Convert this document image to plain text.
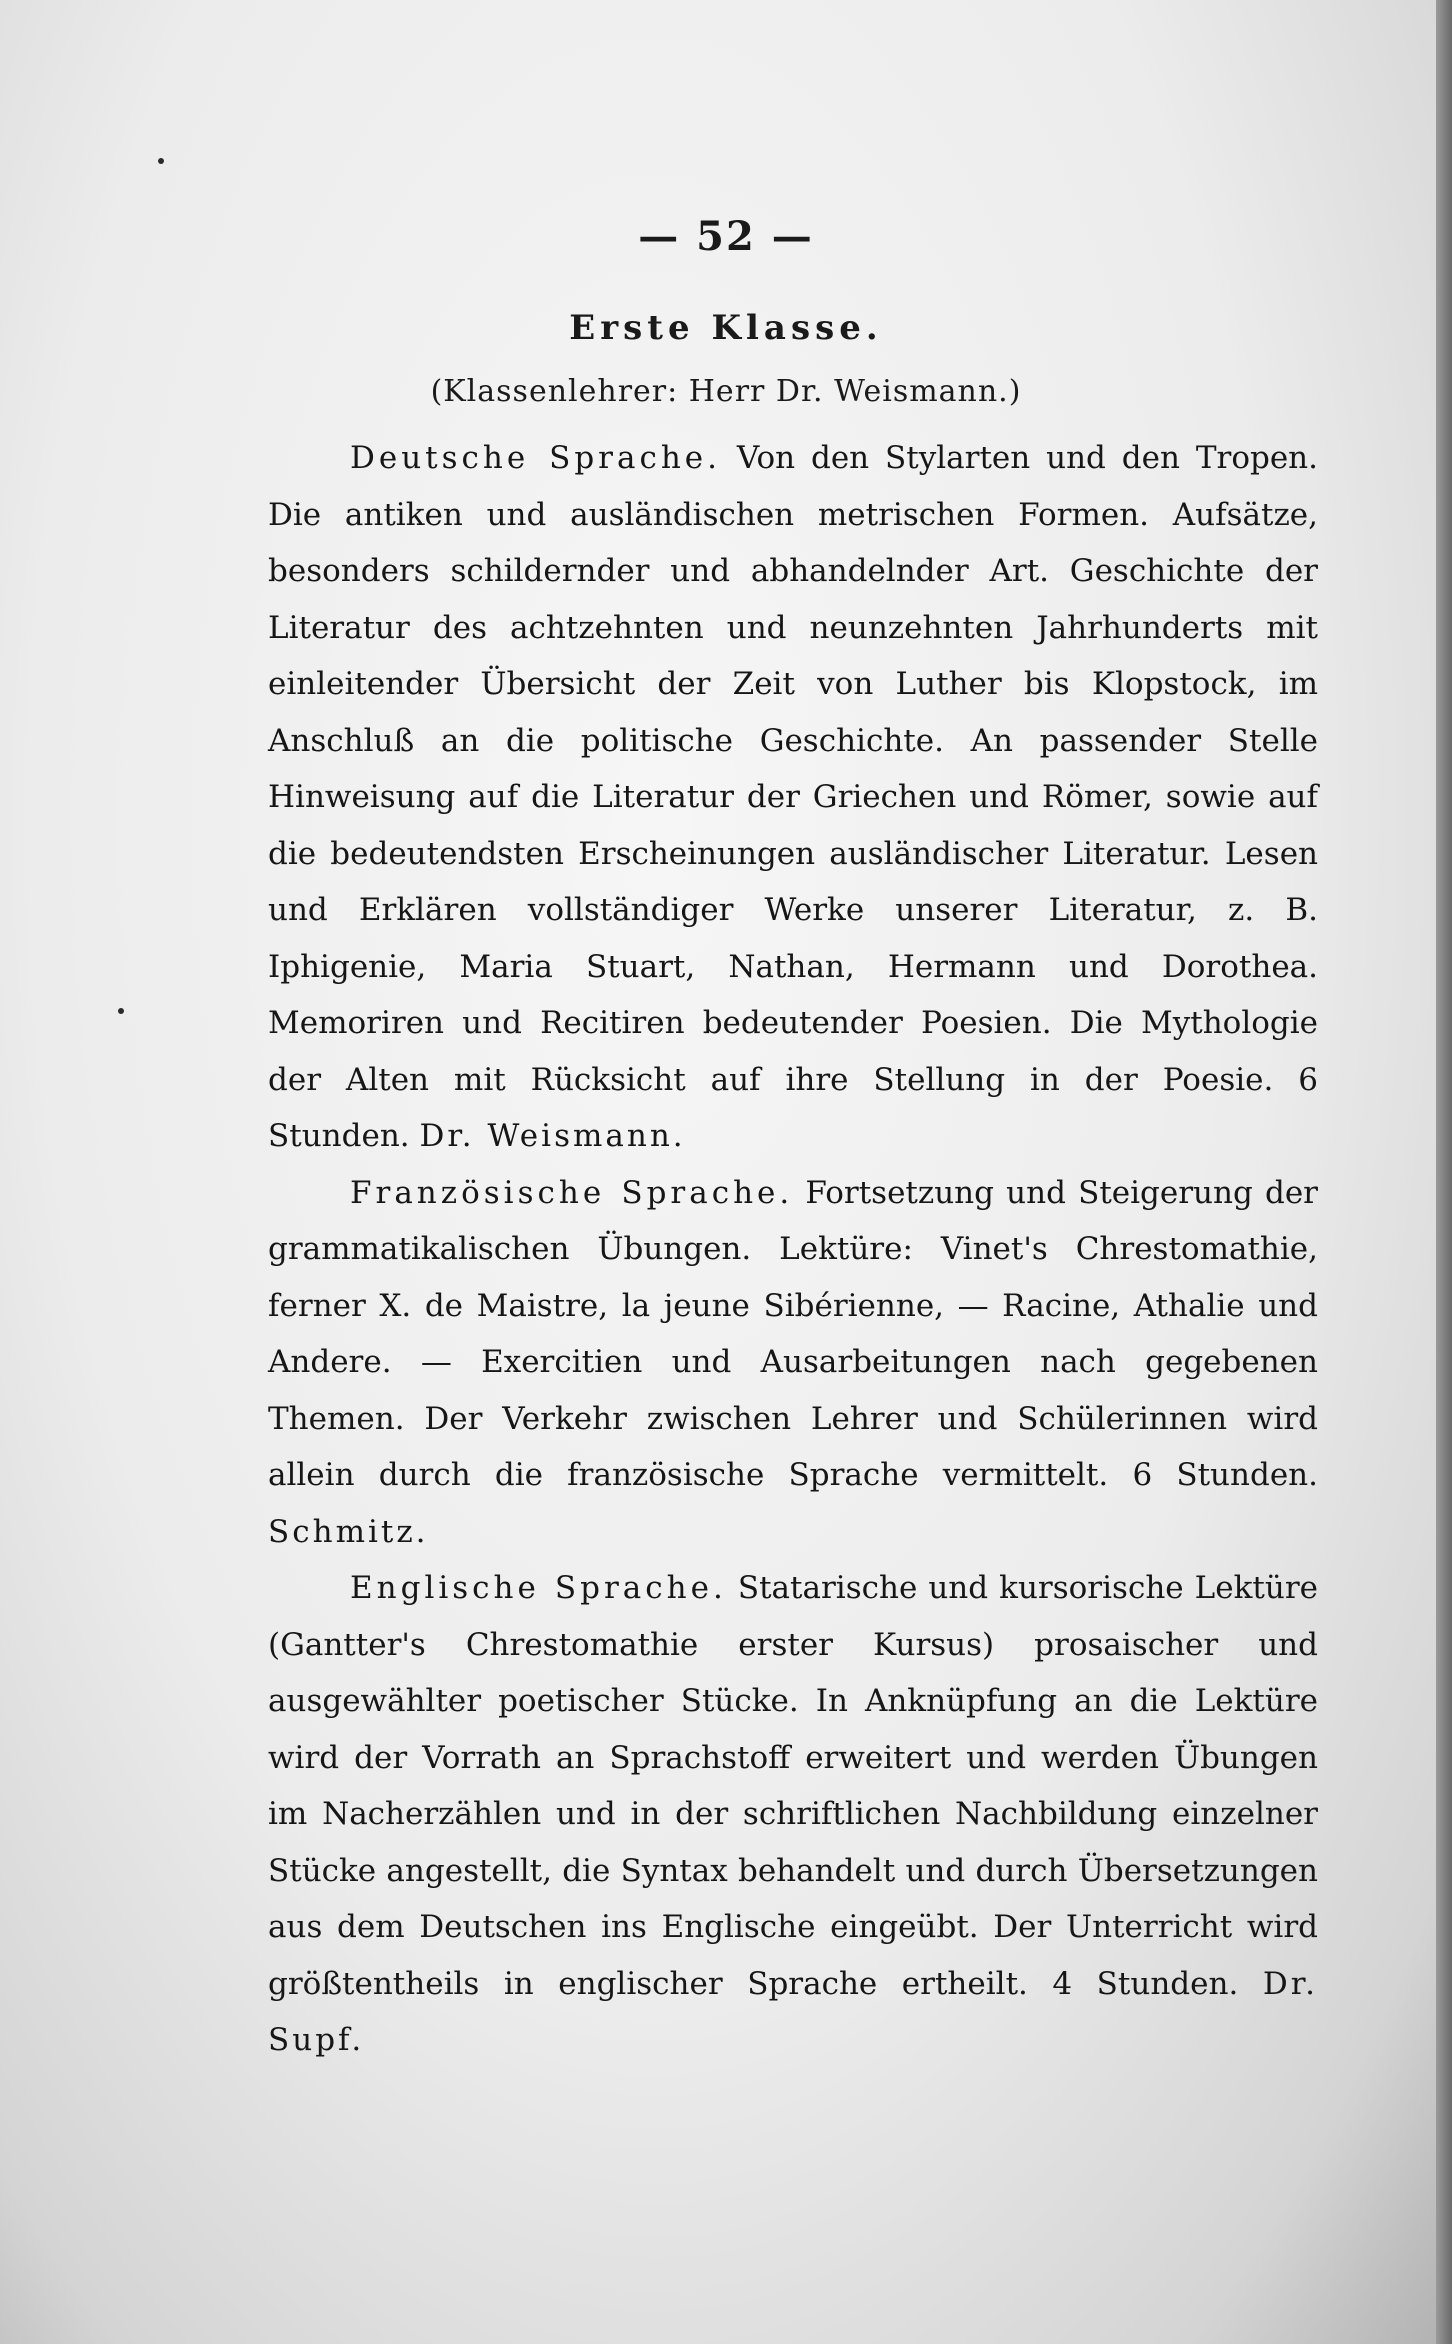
— 52 —
Erste Klasse.
(Klassenlehrer: Herr Dr. Weismann.)

Deutsche Sprache. Von den Stylarten und den Tropen. Die antiken und ausländischen metrischen Formen. Aufsätze, besonders schildernder und abhandelnder Art. Geschichte der Literatur des achtzehnten und neunzehnten Jahrhunderts mit einleitender Übersicht der Zeit von Luther bis Klopstock, im Anschluß an die politische Geschichte. An passender Stelle Hinweisung auf die Literatur der Griechen und Römer, sowie auf die bedeutendsten Erscheinungen ausländischer Literatur. Lesen und Erklären vollständiger Werke unserer Literatur, z. B. Iphigenie, Maria Stuart, Nathan, Hermann und Dorothea. Memoriren und Recitiren bedeutender Poesien. Die Mythologie der Alten mit Rücksicht auf ihre Stellung in der Poesie. 6 Stunden. Dr. Weismann.

Französische Sprache. Fortsetzung und Steigerung der grammatikalischen Übungen. Lektüre: Vinet's Chrestomathie, ferner X. de Maistre, la jeune Sibérienne, — Racine, Athalie und Andere. — Exercitien und Ausarbeitungen nach gegebenen Themen. Der Verkehr zwischen Lehrer und Schülerinnen wird allein durch die französische Sprache vermittelt. 6 Stunden. Schmitz.

Englische Sprache. Statarische und kursorische Lektüre (Gantter's Chrestomathie erster Kursus) prosaischer und ausgewählter poetischer Stücke. In Anknüpfung an die Lektüre wird der Vorrath an Sprachstoff erweitert und werden Übungen im Nacherzählen und in der schriftlichen Nachbildung einzelner Stücke angestellt, die Syntax behandelt und durch Übersetzungen aus dem Deutschen ins Englische eingeübt. Der Unterricht wird größtentheils in englischer Sprache ertheilt. 4 Stunden. Dr. Supf.
